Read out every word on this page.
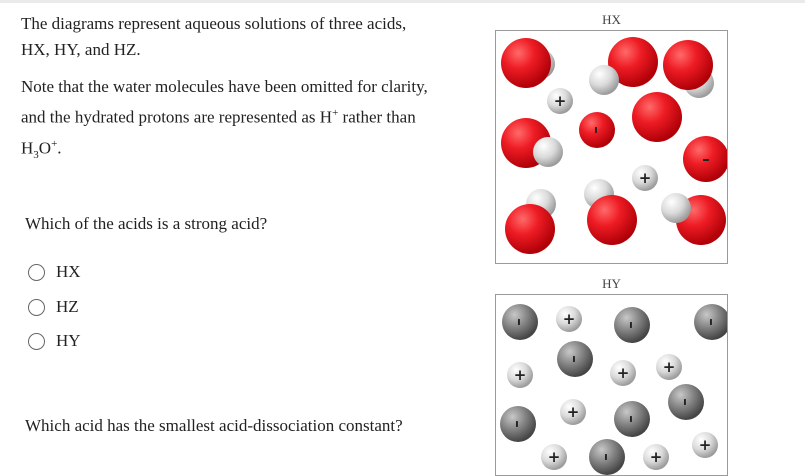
The diagrams represent aqueous solutions of three acids,
HX, HY, and HZ.
Note that the water molecules have been omitted for clarity,
and the hydrated protons are represented as H+ rather than
$H_3O^+$.
Which of the acids is a strong acid?
HX
HZ
HY
Which acid has the smallest acid-dissociation constant?
HX
–
–
+
+
HY
–	–
–
–
–
–
–
–
+
+	+ +
+
+
+
+
